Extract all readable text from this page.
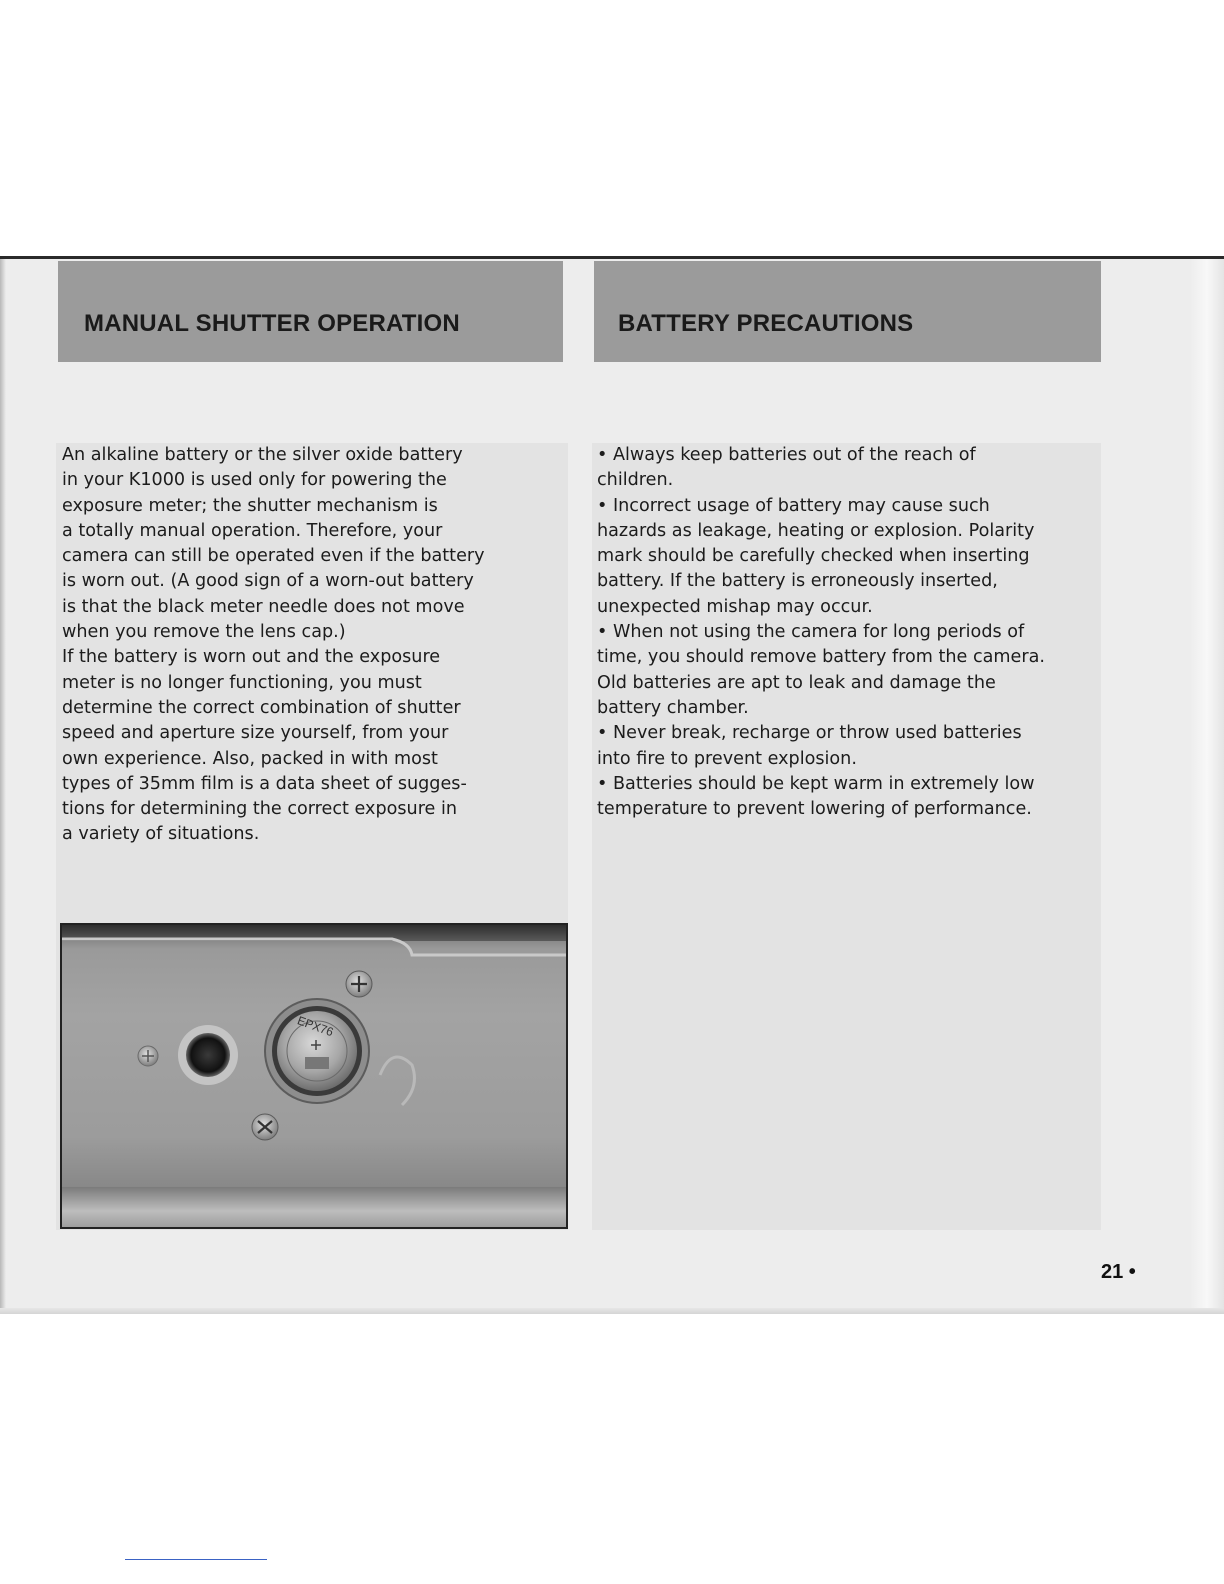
MANUAL SHUTTER OPERATION	BATTERY PRECAUTIONS
An alkaline battery or the silver oxide battery
in your K1000 is used only for powering the
exposure meter; the shutter mechanism is
a totally manual operation. Therefore, your
camera can still be operated even if the battery
is worn out. (A good sign of a worn-out battery
is that the black meter needle does not move
when you remove the lens cap.)
If the battery is worn out and the exposure
meter is no longer functioning, you must
determine the correct combination of shutter
speed and aperture size yourself, from your
own experience. Also, packed in with most
types of 35mm film is a data sheet of sugges-
tions for determining the correct exposure in
a variety of situations.
• Always keep batteries out of the reach of
children.
• Incorrect usage of battery may cause such
hazards as leakage, heating or explosion. Polarity
mark should be carefully checked when inserting
battery. If the battery is erroneously inserted,
unexpected mishap may occur.
• When not using the camera for long periods of
time, you should remove battery from the camera.
Old batteries are apt to leak and damage the
battery chamber.
• Never break, recharge or throw used batteries
into fire to prevent explosion.
• Batteries should be kept warm in extremely low
temperature to prevent lowering of performance.
EPX76
21 •
